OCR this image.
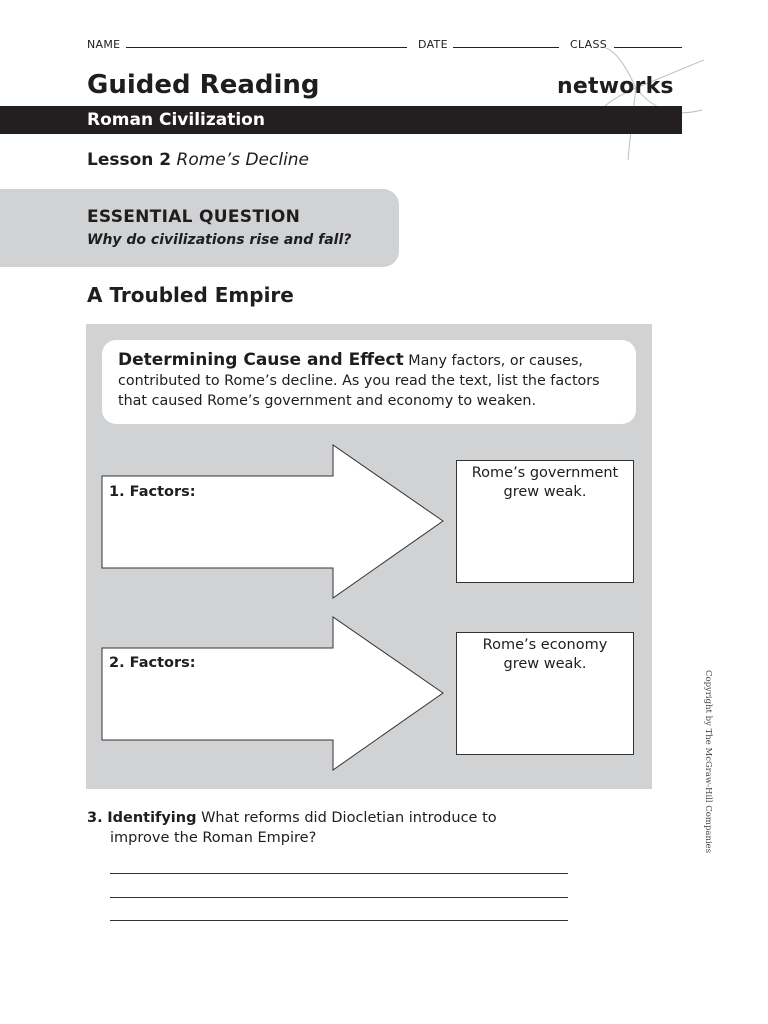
NAME	DATE	CLASS
Guided Reading	networks
Roman Civilization
Lesson 2 Rome’s Decline
ESSENTIAL QUESTION
Why do civilizations rise and fall?
A Troubled Empire
Determining Cause and Effect Many factors, or causes, contributed to Rome’s decline. As you read the text, list the factors that caused Rome’s government and economy to weaken.
1. Factors:
Rome’s government
grew weak.
2. Factors:
Rome’s economy
grew weak.
3. Identifying What reforms did Diocletian introduce to
improve the Roman Empire?	Copyright by The McGraw-Hill Companies
